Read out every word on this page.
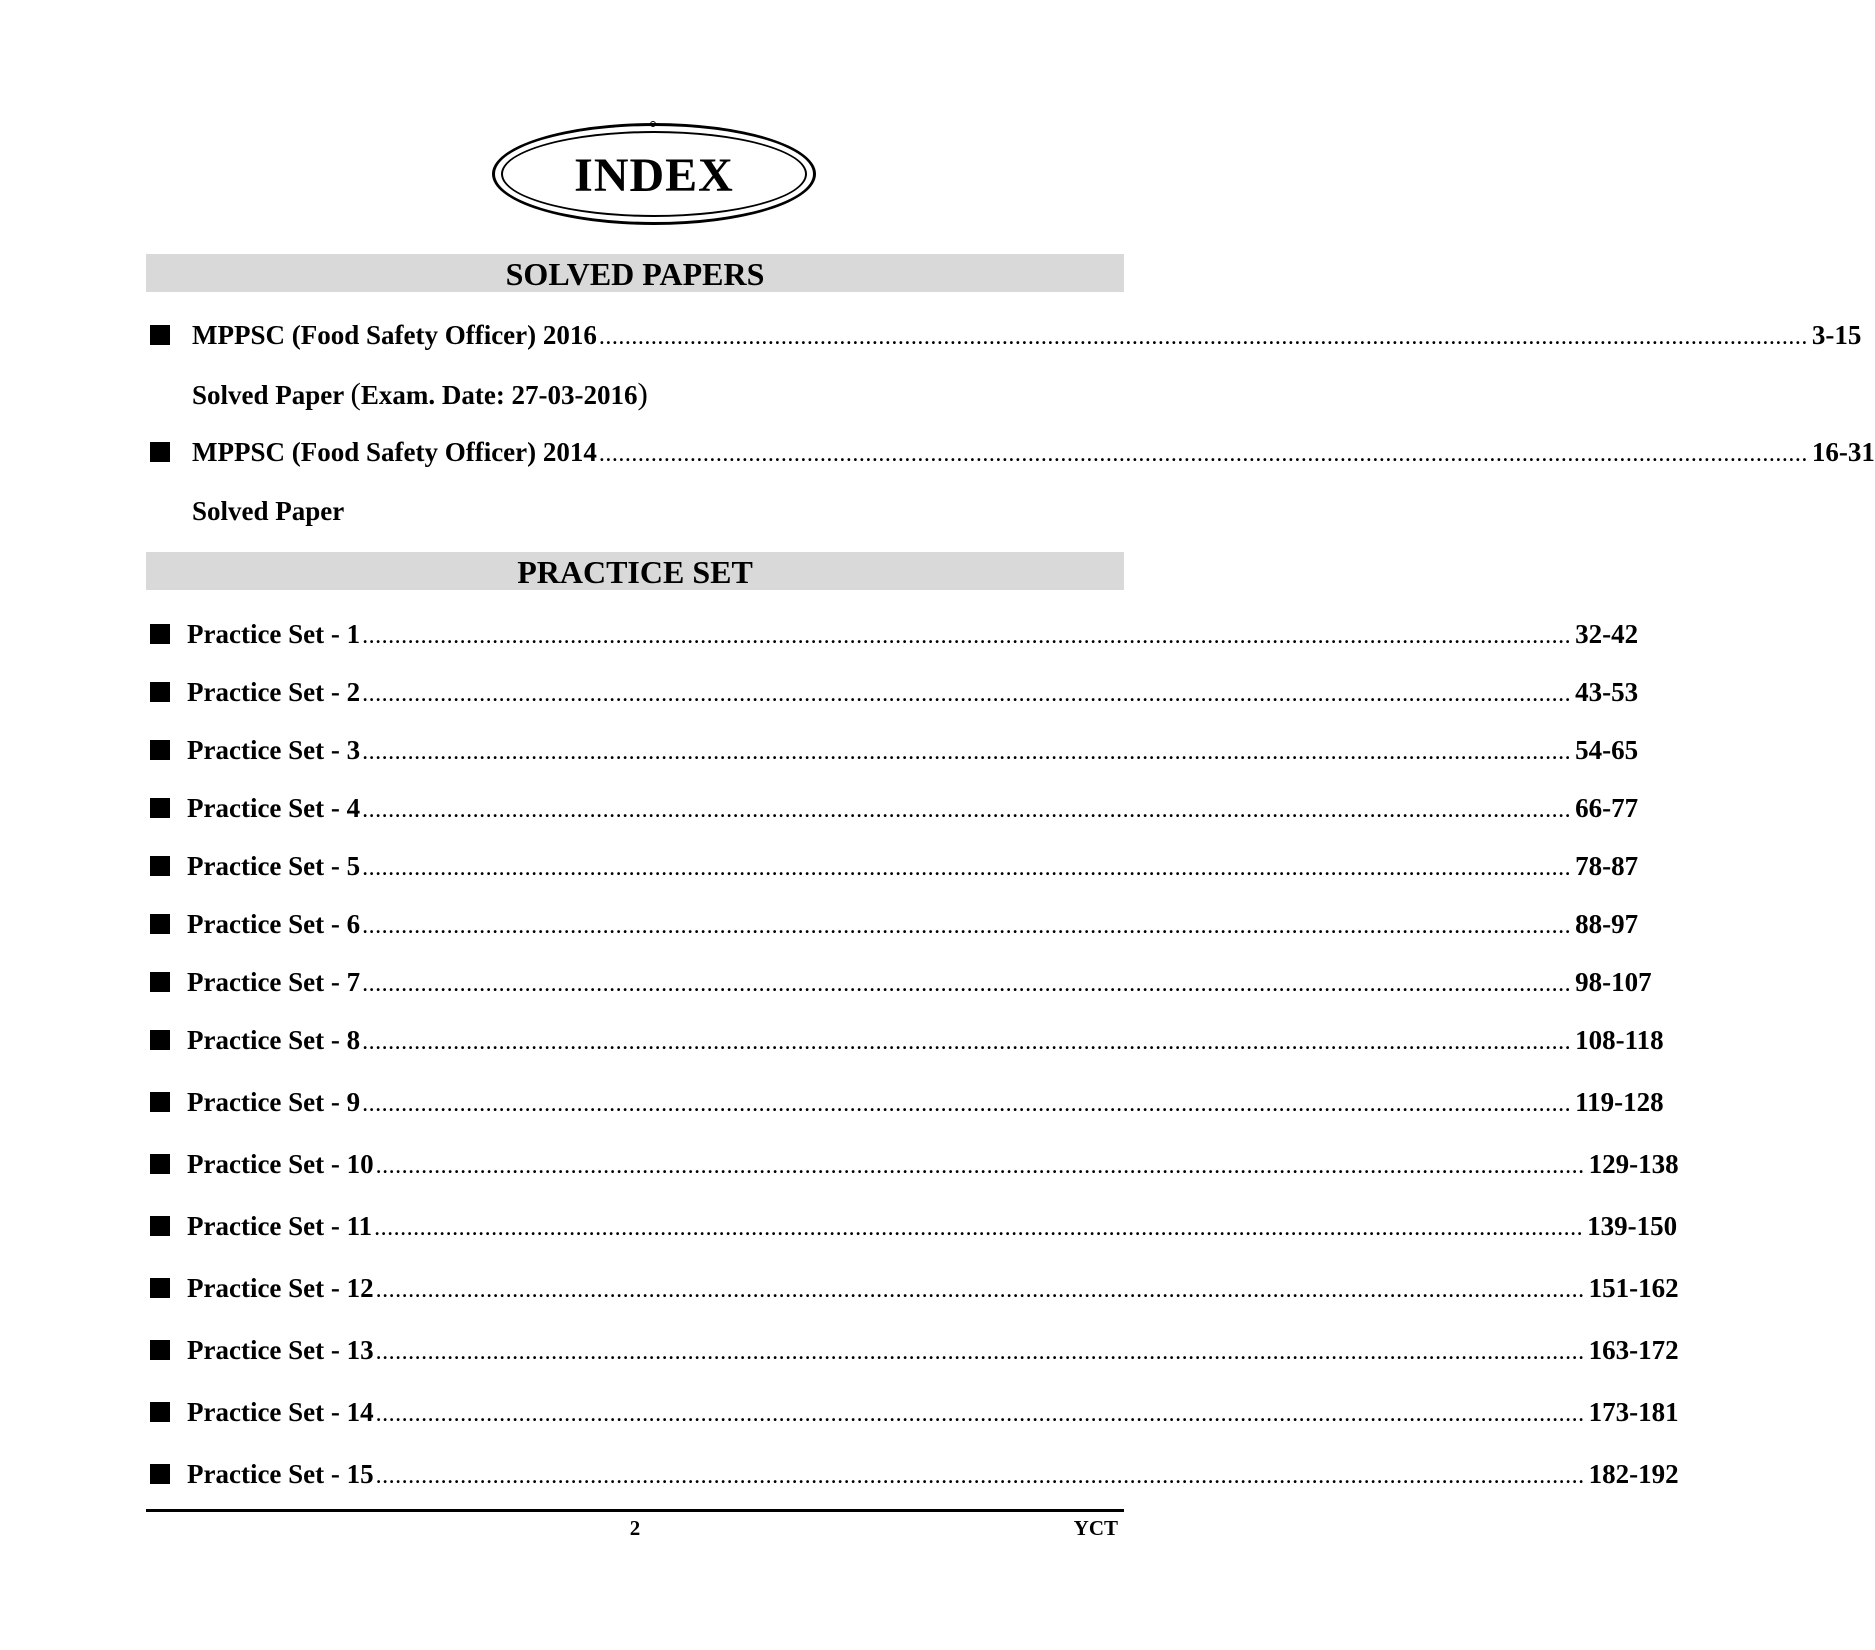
INDEX
SOLVED PAPERS
MPPSC (Food Safety Officer) 2016 .......................................................................................................................................................................................... 3-15
Solved Paper (Exam. Date: 27-03-2016)
MPPSC (Food Safety Officer) 2014 .......................................................................................................................................................................................... 16-31
Solved Paper
PRACTICE SET
Practice Set - 1 .......................................................................................................................................................................................... 32-42
Practice Set - 2 .......................................................................................................................................................................................... 43-53
Practice Set - 3 .......................................................................................................................................................................................... 54-65
Practice Set - 4 .......................................................................................................................................................................................... 66-77
Practice Set - 5 .......................................................................................................................................................................................... 78-87
Practice Set - 6 .......................................................................................................................................................................................... 88-97
Practice Set - 7 .......................................................................................................................................................................................... 98-107
Practice Set - 8 .......................................................................................................................................................................................... 108-118
Practice Set - 9 .......................................................................................................................................................................................... 119-128
Practice Set - 10 .......................................................................................................................................................................................... 129-138
Practice Set - 11 .......................................................................................................................................................................................... 139-150
Practice Set - 12 .......................................................................................................................................................................................... 151-162
Practice Set - 13 .......................................................................................................................................................................................... 163-172
Practice Set - 14 .......................................................................................................................................................................................... 173-181
Practice Set - 15 .......................................................................................................................................................................................... 182-192
2	YCT
